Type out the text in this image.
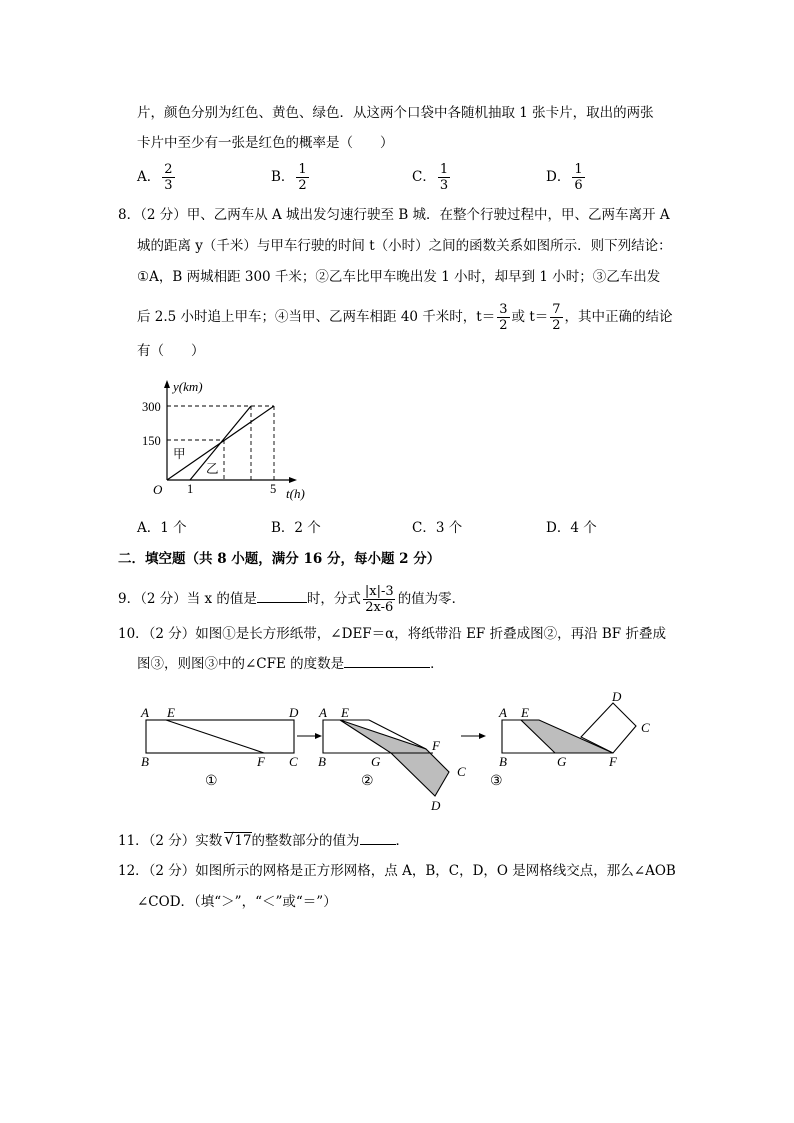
片，颜色分别为红色、黄色、绿色．从这两个口袋中各随机抽取 1 张卡片，取出的两张
卡片中至少有一张是红色的概率是（　　）
A． $\frac{2}{3}$	B． $\frac{1}{2}$	C． $\frac{1}{3}$	D． $\frac{1}{6}$
8．（2 分）甲、乙两车从 A 城出发匀速行驶至 B 城．在整个行驶过程中，甲、乙两车离开 A
城的距离 y（千米）与甲车行驶的时间 t（小时）之间的函数关系如图所示．则下列结论：
①A，B 两城相距 300 千米；②乙车比甲车晚出发 1 小时，却早到 1 小时；③乙车出发
后 2.5 小时追上甲车；④当甲、乙两车相距 40 千米时，$t= \frac{3}{2}$ 或 $t= \frac{7}{2}$ ，其中正确的结论
有（　　）
y(km)
300
150
甲
乙
O 1	5 t(h)
A．1 个	B．2 个	C．3 个	D．4 个
二．填空题（共 8 小题，满分 16 分，每小题 2 分）
9．（2 分）当 x 的值是	时，分式 $\frac{|x|-3}{2x-6}$ 的值为零．
10．（2 分）如图①是长方形纸带，∠DEF＝α，将纸带沿 EF 折叠成图②，再沿 BF 折叠成
图③，则图③中的∠CFE 的度数是	．
A E	D
B	F C
①
A E
B	G
F
C
D
②
A E
D
C
B	G	F
③
11．（2 分）实数 √ 17的整数部分的值为	．
12．（2 分）如图所示的网格是正方形网格，点 A，B，C，D，O 是网格线交点，那么∠AOB
∠COD．（填“＞”，“＜”或“＝”）
